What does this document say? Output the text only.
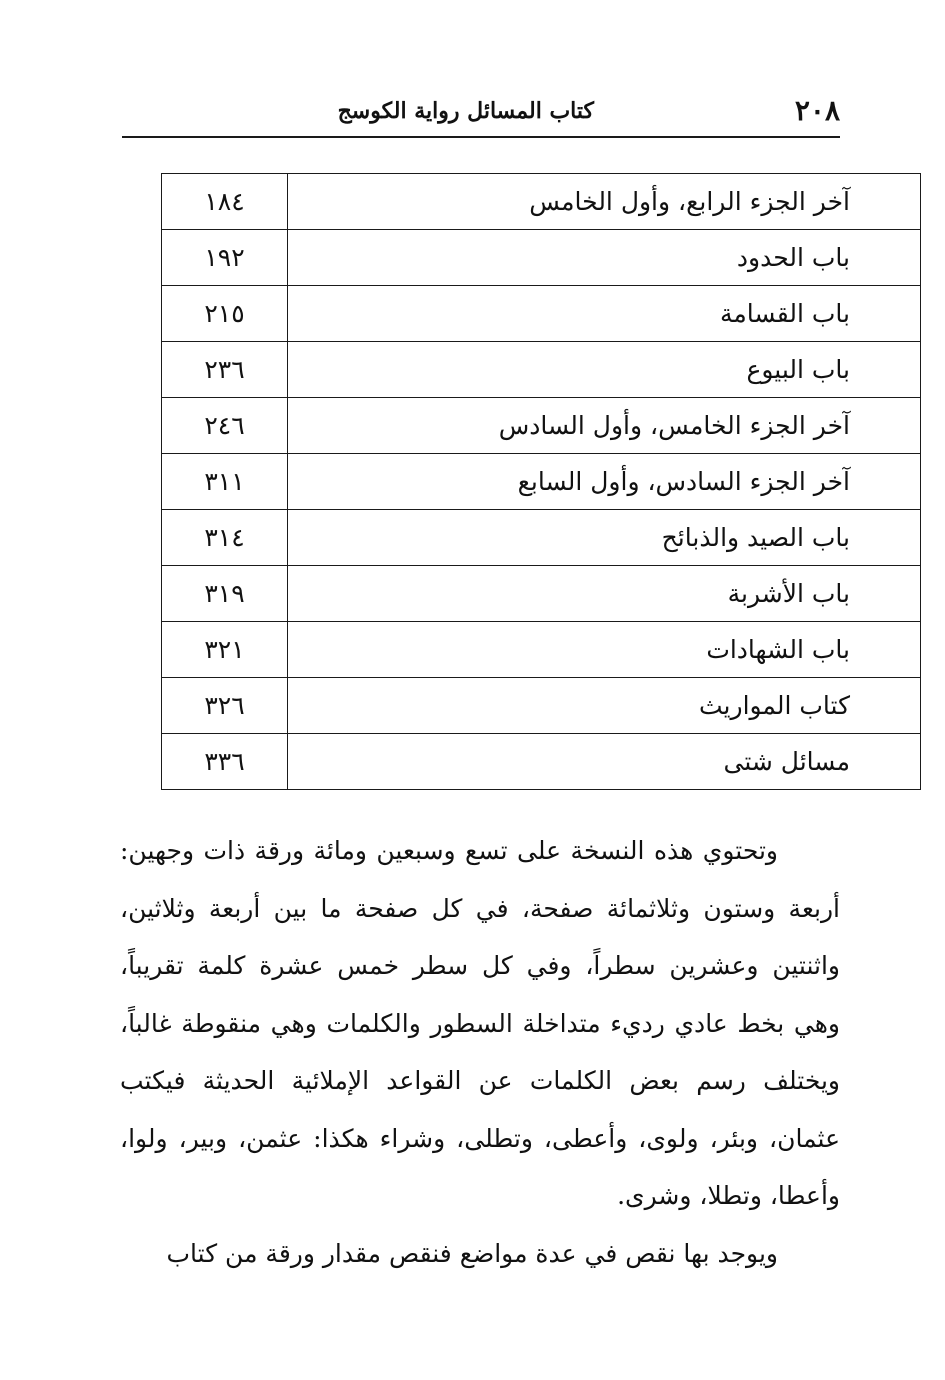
٢٠٨
كتاب المسائل رواية الكوسج
آخر الجزء الرابع، وأول الخامس	١٨٤
باب الحدود	١٩٢
باب القسامة	٢١٥
باب البيوع	٢٣٦
آخر الجزء الخامس، وأول السادس	٢٤٦
آخر الجزء السادس، وأول السابع	٣١١
باب الصيد والذبائح	٣١٤
باب الأشربة	٣١٩
باب الشهادات	٣٢١
كتاب المواريث	٣٢٦
مسائل شتى	٣٣٦

وتحتوي هذه النسخة على تسع وسبعين ومائة ورقة ذات وجهين: أربعة وستون وثلاثمائة صفحة، في كل صفحة ما بين أربعة وثلاثين، واثنتين وعشرين سطراً، وفي كل سطر خمس عشرة كلمة تقريباً، وهي بخط عادي رديء متداخلة السطور والكلمات وهي منقوطة غالباً، ويختلف رسم بعض الكلمات عن القواعد الإملائية الحديثة فيكتب عثمان، وبئر، ولوى، وأعطى، وتطلى، وشراء هكذا: عثمن، وبير، ولوا، وأعطا، وتطلا، وشرى.

ويوجد بها نقص في عدة مواضع فنقص مقدار ورقة من كتاب
